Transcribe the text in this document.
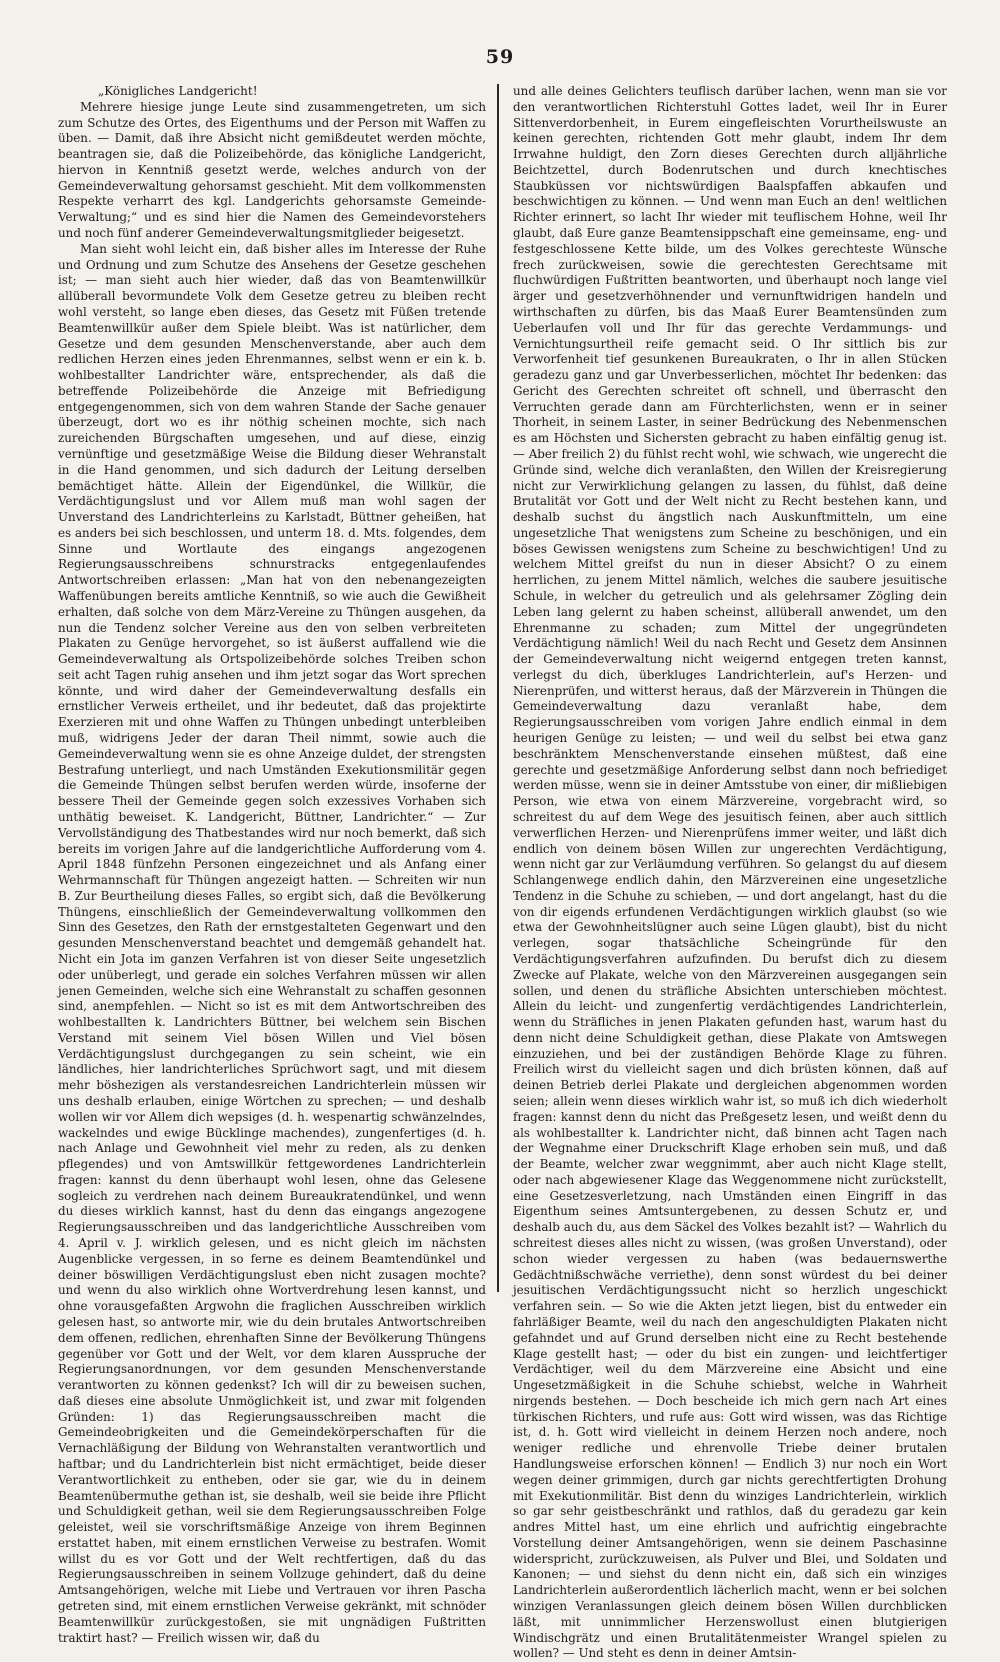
59

„Königliches Landgericht!

Mehrere hiesige junge Leute sind zusammengetreten, um sich zum Schutze des Ortes, des Eigenthums und der Person mit Waffen zu üben. — Damit, daß ihre Absicht nicht gemißdeutet werden möchte, beantragen sie, daß die Polizeibehörde, das königliche Landgericht, hiervon in Kenntniß gesetzt werde, welches andurch von der Gemeindeverwaltung gehorsamst geschieht. Mit dem vollkommensten Respekte verharrt des kgl. Landgerichts gehorsamste Gemeinde-Verwaltung;“ und es sind hier die Namen des Gemeindevorstehers und noch fünf anderer Gemeindeverwaltungsmitglieder beigesetzt.

Man sieht wohl leicht ein, daß bisher alles im Interesse der Ruhe und Ordnung und zum Schutze des Ansehens der Gesetze geschehen ist; — man sieht auch hier wieder, daß das von Beamtenwillkür allüberall bevormundete Volk dem Gesetze getreu zu bleiben recht wohl versteht, so lange eben dieses, das Gesetz mit Füßen tretende Beamtenwillkür außer dem Spiele bleibt. Was ist natürlicher, dem Gesetze und dem gesunden Menschenverstande, aber auch dem redlichen Herzen eines jeden Ehrenmannes, selbst wenn er ein k. b. wohlbestallter Landrichter wäre, entsprechender, als daß die betreffende Polizeibehörde die Anzeige mit Befriedigung entgegengenommen, sich von dem wahren Stande der Sache genauer überzeugt, dort wo es ihr nöthig scheinen mochte, sich nach zureichenden Bürgschaften umgesehen, und auf diese, einzig vernünftige und gesetzmäßige Weise die Bildung dieser Wehranstalt in die Hand genommen, und sich dadurch der Leitung derselben bemächtiget hätte. Allein der Eigendünkel, die Willkür, die Verdächtigungslust und vor Allem muß man wohl sagen der Unverstand des Landrichterleins zu Karlstadt, Büttner geheißen, hat es anders bei sich beschlossen, und unterm 18. d. Mts. folgendes, dem Sinne und Wortlaute des eingangs angezogenen Regierungsausschreibens schnurstracks entgegenlaufendes Antwortschreiben erlassen: „Man hat von den nebenangezeigten Waffenübungen bereits amtliche Kenntniß, so wie auch die Gewißheit erhalten, daß solche von dem März-Vereine zu Thüngen ausgehen, da nun die Tendenz solcher Vereine aus den von selben verbreiteten Plakaten zu Genüge hervorgehet, so ist äußerst auffallend wie die Gemeindeverwaltung als Ortspolizeibehörde solches Treiben schon seit acht Tagen ruhig ansehen und ihm jetzt sogar das Wort sprechen könnte, und wird daher der Gemeindeverwaltung desfalls ein ernstlicher Verweis ertheilet, und ihr bedeutet, daß das projektirte Exerzieren mit und ohne Waffen zu Thüngen unbedingt unterbleiben muß, widrigens Jeder der daran Theil nimmt, sowie auch die Gemeindeverwaltung wenn sie es ohne Anzeige duldet, der strengsten Bestrafung unterliegt, und nach Umständen Exekutionsmilitär gegen die Gemeinde Thüngen selbst berufen werden würde, insoferne der bessere Theil der Gemeinde gegen solch exzessives Vorhaben sich unthätig beweiset. K. Landgericht, Büttner, Landrichter.“ — Zur Vervollständigung des Thatbestandes wird nur noch bemerkt, daß sich bereits im vorigen Jahre auf die landgerichtliche Aufforderung vom 4. April 1848 fünfzehn Personen eingezeichnet und als Anfang einer Wehrmannschaft für Thüngen angezeigt hatten. — Schreiten wir nun B. Zur Beurtheilung dieses Falles, so ergibt sich, daß die Bevölkerung Thüngens, einschließlich der Gemeindeverwaltung vollkommen den Sinn des Gesetzes, den Rath der ernstgestalteten Gegenwart und den gesunden Menschenverstand beachtet und demgemäß gehandelt hat. Nicht ein Jota im ganzen Verfahren ist von dieser Seite ungesetzlich oder unüberlegt, und gerade ein solches Verfahren müssen wir allen jenen Gemeinden, welche sich eine Wehranstalt zu schaffen gesonnen sind, anempfehlen. — Nicht so ist es mit dem Antwortschreiben des wohlbestallten k. Landrichters Büttner, bei welchem sein Bischen Verstand mit seinem Viel bösen Willen und Viel bösen Verdächtigungslust durchgegangen zu sein scheint, wie ein ländliches, hier landrichterliches Sprüchwort sagt, und mit diesem mehr böshezigen als verstandesreichen Landrichterlein müssen wir uns deshalb erlauben, einige Wörtchen zu sprechen; — und deshalb wollen wir vor Allem dich wepsiges (d. h. wespenartig schwänzelndes, wackelndes und ewige Bücklinge machendes), zungenfertiges (d. h. nach Anlage und Gewohnheit viel mehr zu reden, als zu denken pflegendes) und von Amtswillkür fettgewordenes Landrichterlein fragen: kannst du denn überhaupt wohl lesen, ohne das Gelesene sogleich zu verdrehen nach deinem Bureaukratendünkel, und wenn du dieses wirklich kannst, hast du denn das eingangs angezogene Regierungsausschreiben und das landgerichtliche Ausschreiben vom 4. April v. J. wirklich gelesen, und es nicht gleich im nächsten Augenblicke vergessen, in so ferne es deinem Beamtendünkel und deiner böswilligen Verdächtigungslust eben nicht zusagen mochte? und wenn du also wirklich ohne Wortverdrehung lesen kannst, und ohne vorausgefaßten Argwohn die fraglichen Ausschreiben wirklich gelesen hast, so antworte mir, wie du dein brutales Antwortschreiben dem offenen, redlichen, ehrenhaften Sinne der Bevölkerung Thüngens gegenüber vor Gott und der Welt, vor dem klaren Ausspruche der Regierungsanordnungen, vor dem gesunden Menschenverstande verantworten zu können gedenkst? Ich will dir zu beweisen suchen, daß dieses eine absolute Unmöglichkeit ist, und zwar mit folgenden Gründen: 1) das Regierungsausschreiben macht die Gemeindeobrigkeiten und die Gemeindekörperschaften für die Vernachläßigung der Bildung von Wehranstalten verantwortlich und haftbar; und du Landrichterlein bist nicht ermächtiget, beide dieser Verantwortlichkeit zu entheben, oder sie gar, wie du in deinem Beamtenübermuthe gethan ist, sie deshalb, weil sie beide ihre Pflicht und Schuldigkeit gethan, weil sie dem Regierungsausschreiben Folge geleistet, weil sie vorschriftsmäßige Anzeige von ihrem Beginnen erstattet haben, mit einem ernstlichen Verweise zu bestrafen. Womit willst du es vor Gott und der Welt rechtfertigen, daß du das Regierungsausschreiben in seinem Vollzuge gehindert, daß du deine Amtsangehörigen, welche mit Liebe und Vertrauen vor ihren Pascha getreten sind, mit einem ernstlichen Verweise gekränkt, mit schnöder Beamtenwillkür zurückgestoßen, sie mit ungnädigen Fußtritten traktirt hast? — Freilich wissen wir, daß du

und alle deines Gelichters teuflisch darüber lachen, wenn man sie vor den verantwortlichen Richterstuhl Gottes ladet, weil Ihr in Eurer Sittenverdorbenheit, in Eurem eingefleischten Vorurtheilswuste an keinen gerechten, richtenden Gott mehr glaubt, indem Ihr dem Irrwahne huldigt, den Zorn dieses Gerechten durch alljährliche Beichtzettel, durch Bodenrutschen und durch knechtisches Staubküssen vor nichtswürdigen Baalspfaffen abkaufen und beschwichtigen zu können. — Und wenn man Euch an den! weltlichen Richter erinnert, so lacht Ihr wieder mit teuflischem Hohne, weil Ihr glaubt, daß Eure ganze Beamtensippschaft eine gemeinsame, eng- und festgeschlossene Kette bilde, um des Volkes gerechteste Wünsche frech zurückweisen, sowie die gerechtesten Gerechtsame mit fluchwürdigen Fußtritten beantworten, und überhaupt noch lange viel ärger und gesetzverhöhnender und vernunftwidrigen handeln und wirthschaften zu dürfen, bis das Maaß Eurer Beamtensünden zum Ueberlaufen voll und Ihr für das gerechte Verdammungs- und Vernichtungsurtheil reife gemacht seid. O Ihr sittlich bis zur Verworfenheit tief gesunkenen Bureaukraten, o Ihr in allen Stücken geradezu ganz und gar Unverbesserlichen, möchtet Ihr bedenken: das Gericht des Gerechten schreitet oft schnell, und überrascht den Verruchten gerade dann am Fürchterlichsten, wenn er in seiner Thorheit, in seinem Laster, in seiner Bedrückung des Nebenmenschen es am Höchsten und Sichersten gebracht zu haben einfältig genug ist. — Aber freilich 2) du fühlst recht wohl, wie schwach, wie ungerecht die Gründe sind, welche dich veranlaßten, den Willen der Kreisregierung nicht zur Verwirklichung gelangen zu lassen, du fühlst, daß deine Brutalität vor Gott und der Welt nicht zu Recht bestehen kann, und deshalb suchst du ängstlich nach Auskunftmitteln, um eine ungesetzliche That wenigstens zum Scheine zu beschönigen, und ein böses Gewissen wenigstens zum Scheine zu beschwichtigen! Und zu welchem Mittel greifst du nun in dieser Absicht? O zu einem herrlichen, zu jenem Mittel nämlich, welches die saubere jesuitische Schule, in welcher du getreulich und als gelehrsamer Zögling dein Leben lang gelernt zu haben scheinst, allüberall anwendet, um den Ehrenmanne zu schaden; zum Mittel der ungegründeten Verdächtigung nämlich! Weil du nach Recht und Gesetz dem Ansinnen der Gemeindeverwaltung nicht weigernd entgegen treten kannst, verlegst du dich, überkluges Landrichterlein, auf's Herzen- und Nierenprüfen, und witterst heraus, daß der Märzverein in Thüngen die Gemeindeverwaltung dazu veranlaßt habe, dem Regierungsausschreiben vom vorigen Jahre endlich einmal in dem heurigen Genüge zu leisten; — und weil du selbst bei etwa ganz beschränktem Menschenverstande einsehen müßtest, daß eine gerechte und gesetzmäßige Anforderung selbst dann noch befriediget werden müsse, wenn sie in deiner Amtsstube von einer, dir mißliebigen Person, wie etwa von einem Märzvereine, vorgebracht wird, so schreitest du auf dem Wege des jesuitisch feinen, aber auch sittlich verwerflichen Herzen- und Nierenprüfens immer weiter, und läßt dich endlich von deinem bösen Willen zur ungerechten Verdächtigung, wenn nicht gar zur Verläumdung verführen. So gelangst du auf diesem Schlangenwege endlich dahin, den Märzvereinen eine ungesetzliche Tendenz in die Schuhe zu schieben, — und dort angelangt, hast du die von dir eigends erfundenen Verdächtigungen wirklich glaubst (so wie etwa der Gewohnheitslügner auch seine Lügen glaubt), bist du nicht verlegen, sogar thatsächliche Scheingründe für den Verdächtigungsverfahren aufzufinden. Du berufst dich zu diesem Zwecke auf Plakate, welche von den Märzvereinen ausgegangen sein sollen, und denen du sträfliche Absichten unterschieben möchtest. Allein du leicht- und zungenfertig verdächtigendes Landrichterlein, wenn du Sträfliches in jenen Plakaten gefunden hast, warum hast du denn nicht deine Schuldigkeit gethan, diese Plakate von Amtswegen einzuziehen, und bei der zuständigen Behörde Klage zu führen. Freilich wirst du vielleicht sagen und dich brüsten können, daß auf deinen Betrieb derlei Plakate und dergleichen abgenommen worden seien; allein wenn dieses wirklich wahr ist, so muß ich dich wiederholt fragen: kannst denn du nicht das Preßgesetz lesen, und weißt denn du als wohlbestallter k. Landrichter nicht, daß binnen acht Tagen nach der Wegnahme einer Druckschrift Klage erhoben sein muß, und daß der Beamte, welcher zwar weggnimmt, aber auch nicht Klage stellt, oder nach abgewiesener Klage das Weggenommene nicht zurückstellt, eine Gesetzesverletzung, nach Umständen einen Eingriff in das Eigenthum seines Amtsuntergebenen, zu dessen Schutz er, und deshalb auch du, aus dem Säckel des Volkes bezahlt ist? — Wahrlich du schreitest dieses alles nicht zu wissen, (was großen Unverstand), oder schon wieder vergessen zu haben (was bedauernswerthe Gedächtnißschwäche verriethe), denn sonst würdest du bei deiner jesuitischen Verdächtigungssucht nicht so herzlich ungeschickt verfahren sein. — So wie die Akten jetzt liegen, bist du entweder ein fahrläßiger Beamte, weil du nach den angeschuldigten Plakaten nicht gefahndet und auf Grund derselben nicht eine zu Recht bestehende Klage gestellt hast; — oder du bist ein zungen- und leichtfertiger Verdächtiger, weil du dem Märzvereine eine Absicht und eine Ungesetzmäßigkeit in die Schuhe schiebst, welche in Wahrheit nirgends bestehen. — Doch bescheide ich mich gern nach Art eines türkischen Richters, und rufe aus: Gott wird wissen, was das Richtige ist, d. h. Gott wird vielleicht in deinem Herzen noch andere, noch weniger redliche und ehrenvolle Triebe deiner brutalen Handlungsweise erforschen können! — Endlich 3) nur noch ein Wort wegen deiner grimmigen, durch gar nichts gerechtfertigten Drohung mit Exekutionmilitär. Bist denn du winziges Landrichterlein, wirklich so gar sehr geistbeschränkt und rathlos, daß du geradezu gar kein andres Mittel hast, um eine ehrlich und aufrichtig eingebrachte Vorstellung deiner Amtsangehörigen, wenn sie deinem Paschasinne widerspricht, zurückzuweisen, als Pulver und Blei, und Soldaten und Kanonen; — und siehst du denn nicht ein, daß sich ein winziges Landrichterlein außerordentlich lächerlich macht, wenn er bei solchen winzigen Veranlassungen gleich deinem bösen Willen durchblicken läßt, mit unnimmlicher Herzenswollust einen blutgierigen Windischgrätz und einen Brutalitätenmeister Wrangel spielen zu wollen? — Und steht es denn in deiner Amtsin-
